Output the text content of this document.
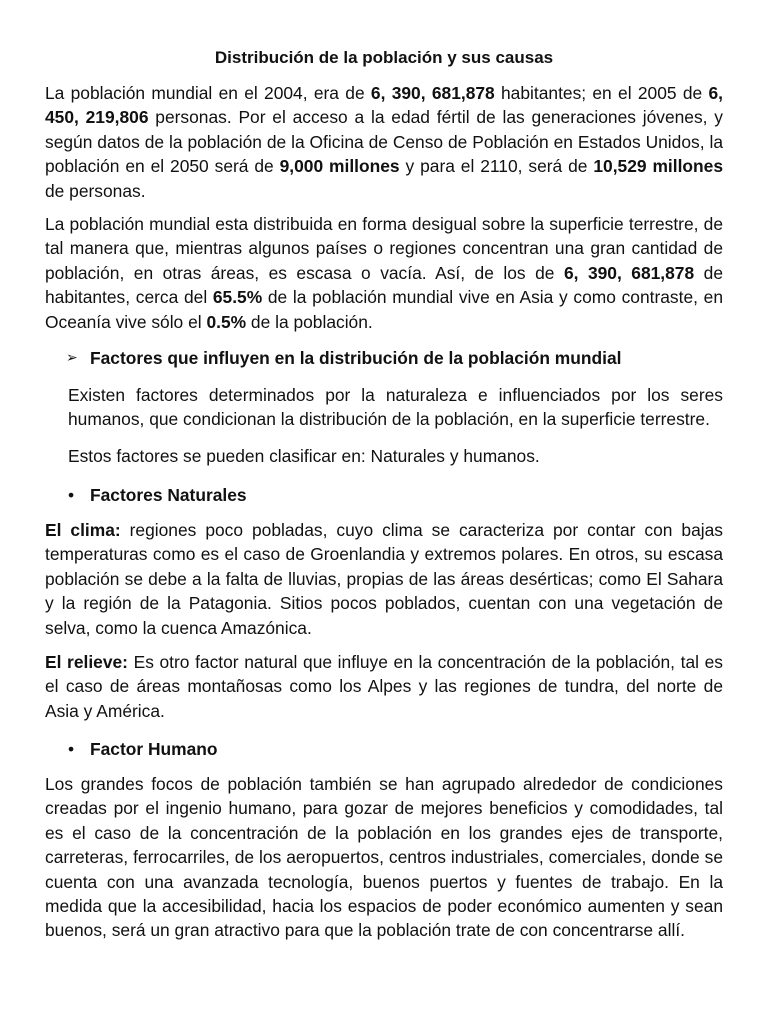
Distribución de la población y sus causas

La población mundial en el 2004, era de 6, 390, 681,878 habitantes; en el 2005 de 6, 450, 219,806 personas. Por el acceso a la edad fértil de las generaciones jóvenes, y según datos de la población de la Oficina de Censo de Población en Estados Unidos, la población en el 2050 será de 9,000 millones y para el 2110, será de 10,529 millones de personas.

La población mundial esta distribuida en forma desigual sobre la superficie terrestre, de tal manera que, mientras algunos países o regiones concentran una gran cantidad de población, en otras áreas, es escasa o vacía. Así, de los de 6, 390, 681,878 de habitantes, cerca del 65.5% de la población mundial vive en Asia y como contraste, en Oceanía vive sólo el 0.5% de la población.

➢ Factores que influyen en la distribución de la población mundial

Existen factores determinados por la naturaleza e influenciados por los seres humanos, que condicionan la distribución de la población, en la superficie terrestre.

Estos factores se pueden clasificar en: Naturales y humanos.

• Factores Naturales

El clima: regiones poco pobladas, cuyo clima se caracteriza por contar con bajas temperaturas como es el caso de Groenlandia y extremos polares. En otros, su escasa población se debe a la falta de lluvias, propias de las áreas desérticas; como El Sahara y la región de la Patagonia. Sitios pocos poblados, cuentan con una vegetación de selva, como la cuenca Amazónica.

El relieve: Es otro factor natural que influye en la concentración de la población, tal es el caso de áreas montañosas como los Alpes y las regiones de tundra, del norte de Asia y América.

• Factor Humano

Los grandes focos de población también se han agrupado alrededor de condiciones creadas por el ingenio humano, para gozar de mejores beneficios y comodidades, tal es el caso de la concentración de la población en los grandes ejes de transporte, carreteras, ferrocarriles, de los aeropuertos, centros industriales, comerciales, donde se cuenta con una avanzada tecnología, buenos puertos y fuentes de trabajo. En la medida que la accesibilidad, hacia los espacios de poder económico aumenten y sean buenos, será un gran atractivo para que la población trate de con concentrarse allí.
